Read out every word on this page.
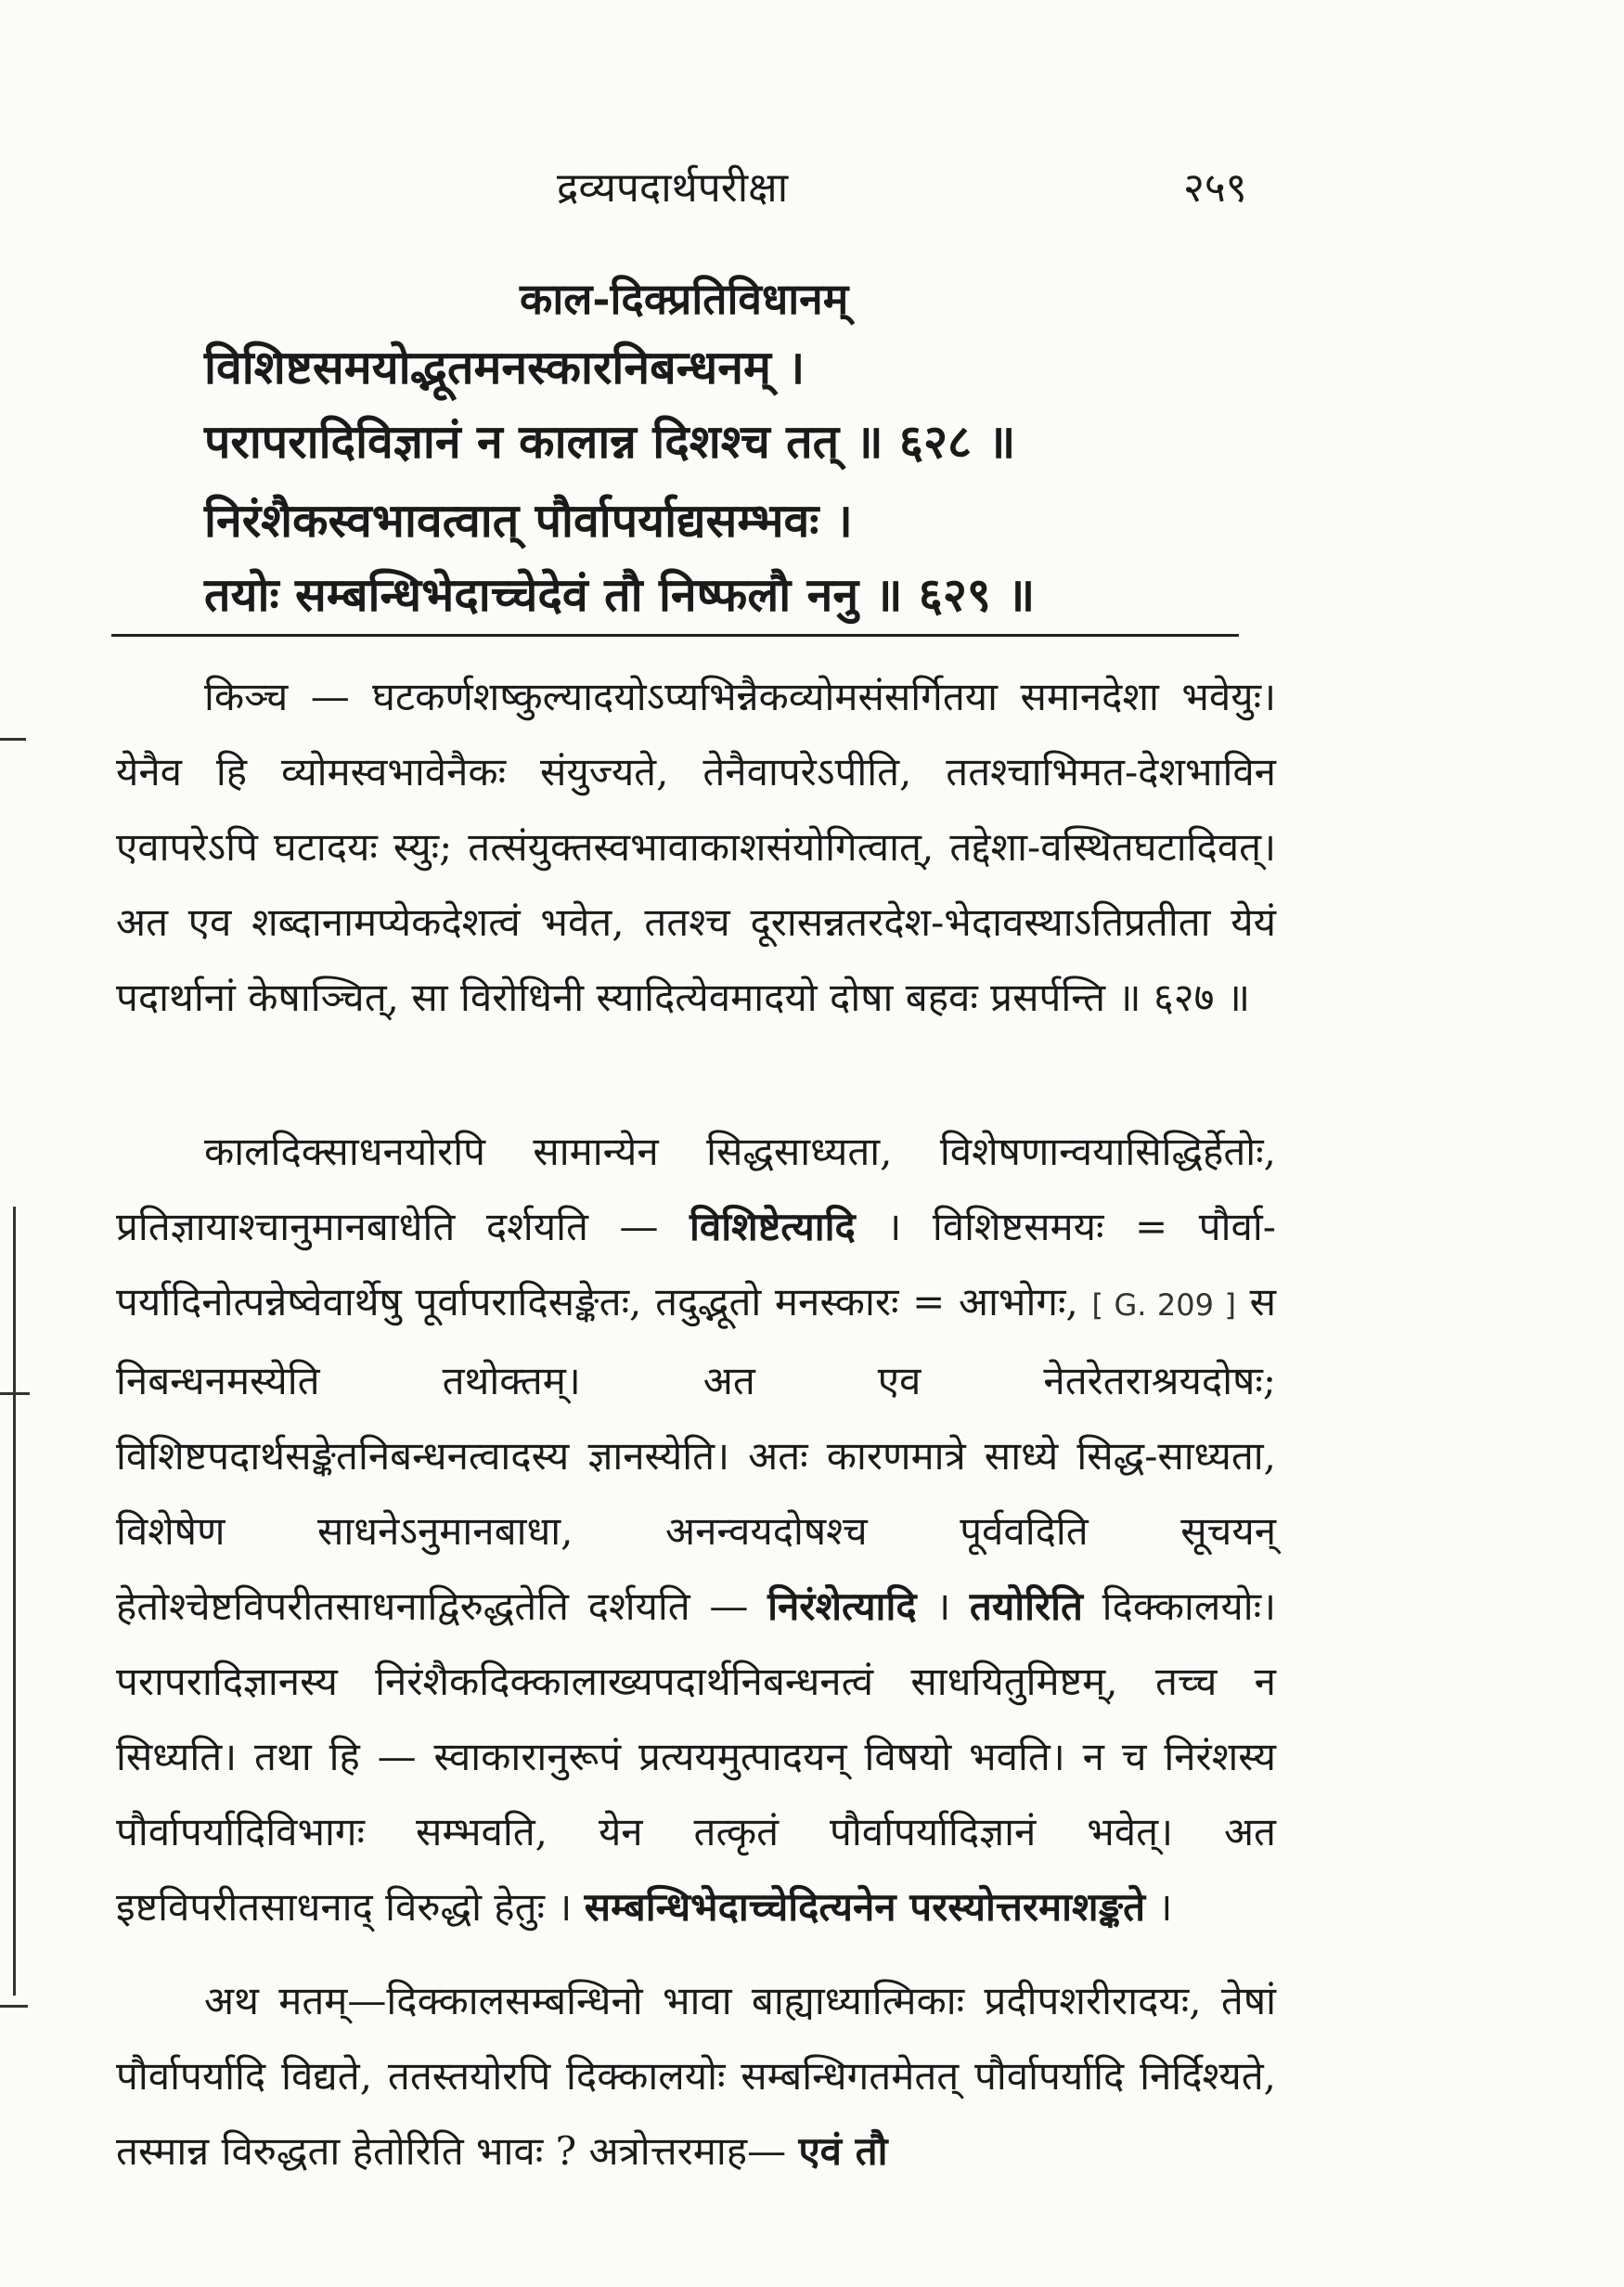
द्रव्यपदार्थपरीक्षा	२५९
काल-दिक्प्रतिविधानम्
विशिष्टसमयोद्भूतमनस्कारनिबन्धनम् ।
परापरादिविज्ञानं न कालान्न दिशश्च तत् ॥ ६२८ ॥
निरंशैकस्वभावत्वात् पौर्वापर्याद्यसम्भवः ।
तयोः सम्बन्धिभेदाच्चेदेवं तौ निष्फलौ ननु ॥ ६२९ ॥

किञ्च — घटकर्णशष्कुल्यादयोऽप्यभिन्नैकव्योमसंसर्गितया समानदेशा भवेयुः। येनैव हि व्योमस्वभावेनैकः संयुज्यते, तेनैवापरेऽपीति, ततश्चाभिमत-देशभाविन एवापरेऽपि घटादयः स्युः; तत्संयुक्तस्वभावाकाशसंयोगित्वात्, तद्देशा-वस्थितघटादिवत्। अत एव शब्दानामप्येकदेशत्वं भवेत, ततश्च दूरासन्नतरदेश-भेदावस्थाऽतिप्रतीता येयं पदार्थानां केषाञ्चित्, सा विरोधिनी स्यादित्येवमादयो दोषा बहवः प्रसर्पन्ति ॥ ६२७ ॥

कालदिक्साधनयोरपि सामान्येन सिद्धसाध्यता, विशेषणान्वयासिद्धिर्हेतोः, प्रतिज्ञायाश्चानुमानबाधेति दर्शयति — विशिष्टेत्यादि । विशिष्टसमयः = पौर्वा-पर्यादिनोत्पन्नेष्वेवार्थेषु पूर्वापरादिसङ्केतः, तदुद्भूतो मनस्कारः = आभोगः, [ G. 209 ] स निबन्धनमस्येति तथोक्तम्। अत एव नेतरेतराश्रयदोषः; विशिष्टपदार्थसङ्केतनिबन्धनत्वादस्य ज्ञानस्येति। अतः कारणमात्रे साध्ये सिद्ध-साध्यता, विशेषेण साधनेऽनुमानबाधा, अनन्वयदोषश्च पूर्ववदिति सूचयन् हेतोश्चेष्टविपरीतसाधनाद्विरुद्धतेति दर्शयति — निरंशेत्यादि । तयोरिति दिक्कालयोः। परापरादिज्ञानस्य निरंशैकदिक्कालाख्यपदार्थनिबन्धनत्वं साधयितुमिष्टम्, तच्च न सिध्यति। तथा हि — स्वाकारानुरूपं प्रत्ययमुत्पादयन् विषयो भवति। न च निरंशस्य पौर्वापर्यादिविभागः सम्भवति, येन तत्कृतं पौर्वापर्यादिज्ञानं भवेत्। अत इष्टविपरीतसाधनाद् विरुद्धो हेतुः । सम्बन्धिभेदाच्चेदित्यनेन परस्योत्तरमाशङ्कते ।

अथ मतम्—दिक्कालसम्बन्धिनो भावा बाह्याध्यात्मिकाः प्रदीपशरीरादयः, तेषां पौर्वापर्यादि विद्यते, ततस्तयोरपि दिक्कालयोः सम्बन्धिगतमेतत् पौर्वापर्यादि निर्दिश्यते, तस्मान्न विरुद्धता हेतोरिति भावः ? अत्रोत्तरमाह— एवं तौ
